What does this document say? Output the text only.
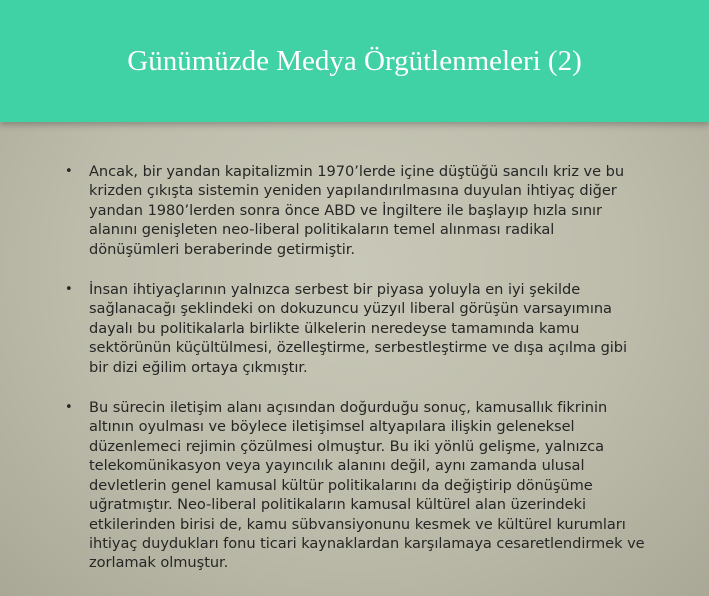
Günümüzde Medya Örgütlenmeleri (2)
• Ancak, bir yandan kapitalizmin 1970’lerde içine düştüğü sancılı kriz ve bu krizden çıkışta sistemin yeniden yapılandırılmasına duyulan ihtiyaç diğer yandan 1980’lerden sonra önce ABD ve İngiltere ile başlayıp hızla sınır alanını genişleten neo-liberal politikaların temel alınması radikal dönüşümleri beraberinde getirmiştir.
• İnsan ihtiyaçlarının yalnızca serbest bir piyasa yoluyla en iyi şekilde sağlanacağı şeklindeki on dokuzuncu yüzyıl liberal görüşün varsayımına dayalı bu politikalarla birlikte ülkelerin neredeyse tamamında kamu sektörünün küçültülmesi, özelleştirme, serbestleştirme ve dışa açılma gibi bir dizi eğilim ortaya çıkmıştır.
• Bu sürecin iletişim alanı açısından doğurduğu sonuç, kamusallık fikrinin altının oyulması ve böylece iletişimsel altyapılara ilişkin geleneksel düzenlemeci rejimin çözülmesi olmuştur. Bu iki yönlü gelişme, yalnızca telekomünikasyon veya yayıncılık alanını değil, aynı zamanda ulusal devletlerin genel kamusal kültür politikalarını da değiştirip dönüşüme uğratmıştır. Neo-liberal politikaların kamusal kültürel alan üzerindeki etkilerinden birisi de, kamu sübvansiyonunu kesmek ve kültürel kurumları ihtiyaç duydukları fonu ticari kaynaklardan karşılamaya cesaretlendirmek ve zorlamak olmuştur.
